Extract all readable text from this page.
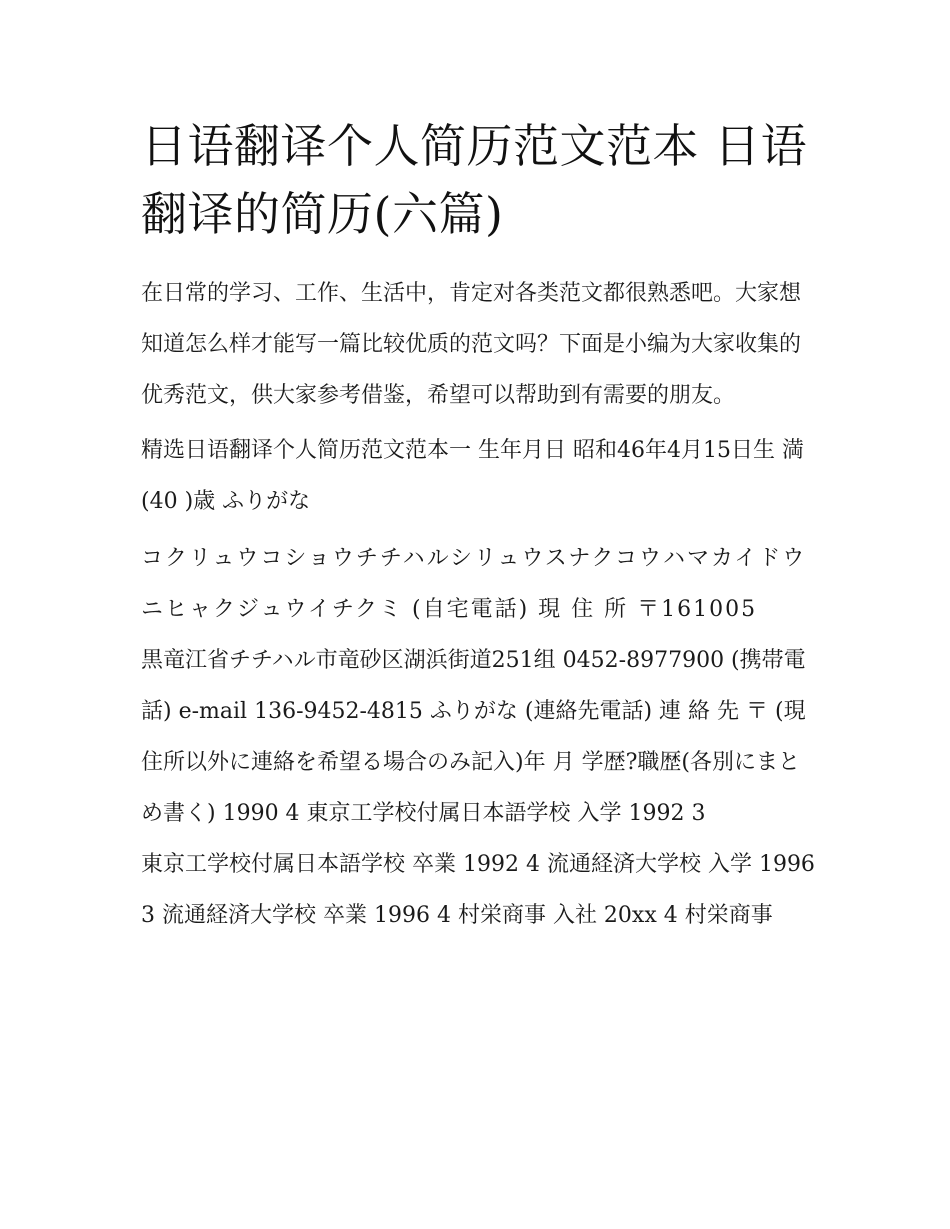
日语翻译个人简历范文范本 日语翻译的简历(六篇)

在日常的学习、工作、生活中，肯定对各类范文都很熟悉吧。大家想知道怎么样才能写一篇比较优质的范文吗？下面是小编为大家收集的优秀范文，供大家参考借鉴，希望可以帮助到有需要的朋友。

精选日语翻译个人简历范文范本一 生年月日 昭和46年4月15日生 満(40 )歳 ふりがな

コクリュウコショウチチハルシリュウスナクコウハマカイドウニヒャクジュウイチクミ (自宅電話) 現 住 所 〒161005

黒竜江省チチハル市竜砂区湖浜街道251组 0452-8977900 (携帯電話) e-mail 136-9452-4815 ふりがな (連絡先電話) 連 絡 先 〒 (現住所以外に連絡を希望る場合のみ記入)年 月 学歴?職歴(各別にまとめ書く) 1990 4 東京工学校付属日本語学校 入学 1992 3

東京工学校付属日本語学校 卒業 1992 4 流通経済大学校 入学 1996 3 流通経済大学校 卒業 1996 4 村栄商事 入社 20xx 4 村栄商事
